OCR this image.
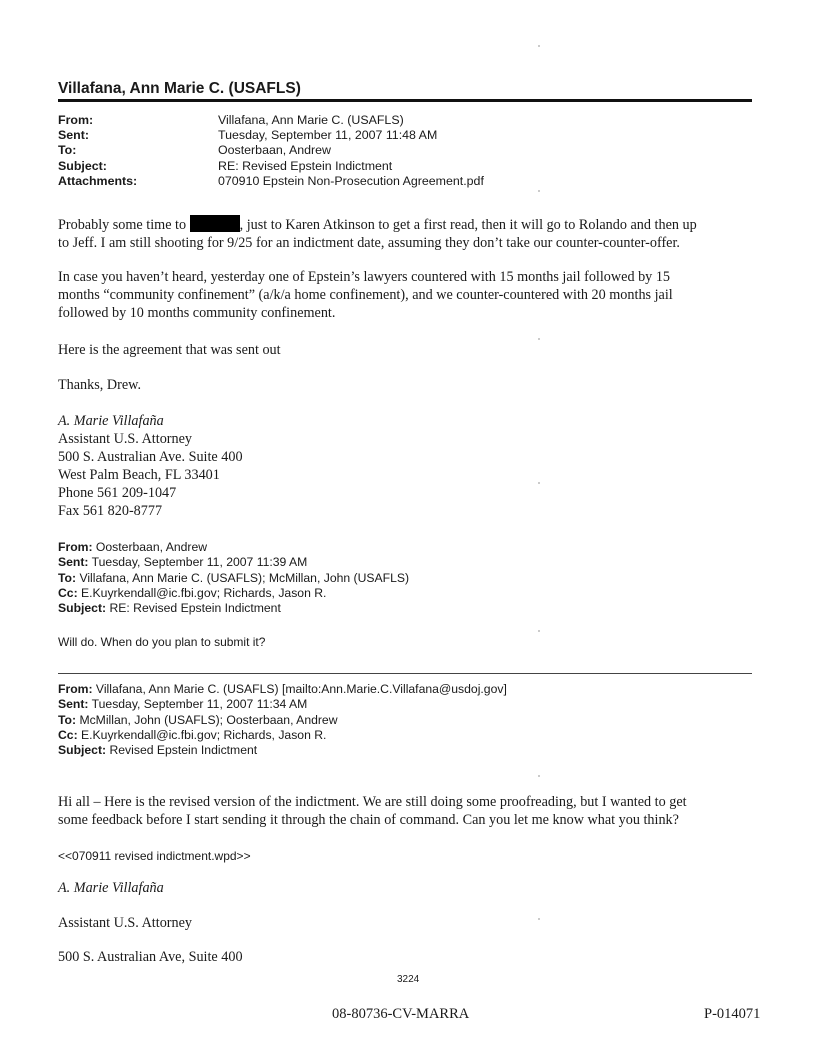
Villafana, Ann Marie C. (USAFLS)
From:	Villafana, Ann Marie C. (USAFLS)
Sent:	Tuesday, September 11, 2007 11:48 AM
To:	Oosterbaan, Andrew
Subject:	RE: Revised Epstein Indictment
Attachments:	070910 Epstein Non-Prosecution Agreement.pdf
Probably some time to	, just to Karen Atkinson to get a first read, then it will go to Rolando and then up
to Jeff. I am still shooting for 9/25 for an indictment date, assuming they don’t take our counter-counter-offer.
In case you haven’t heard, yesterday one of Epstein’s lawyers countered with 15 months jail followed by 15
months “community confinement” (a/k/a home confinement), and we counter-countered with 20 months jail
followed by 10 months community confinement.
Here is the agreement that was sent out
Thanks, Drew.
A. Marie Villafaña
Assistant U.S. Attorney
500 S. Australian Ave. Suite 400
West Palm Beach, FL 33401
Phone 561 209-1047
Fax 561 820-8777
From: Oosterbaan, Andrew
Sent: Tuesday, September 11, 2007 11:39 AM
To: Villafana, Ann Marie C. (USAFLS); McMillan, John (USAFLS)
Cc: E.Kuyrkendall@ic.fbi.gov; Richards, Jason R.
Subject: RE: Revised Epstein Indictment
Will do. When do you plan to submit it?
From: Villafana, Ann Marie C. (USAFLS) [mailto:Ann.Marie.C.Villafana@usdoj.gov]
Sent: Tuesday, September 11, 2007 11:34 AM
To: McMillan, John (USAFLS); Oosterbaan, Andrew
Cc: E.Kuyrkendall@ic.fbi.gov; Richards, Jason R.
Subject: Revised Epstein Indictment
Hi all – Here is the revised version of the indictment. We are still doing some proofreading, but I wanted to get
some feedback before I start sending it through the chain of command. Can you let me know what you think?
<<070911 revised indictment.wpd>>
A. Marie Villafaña
Assistant U.S. Attorney
500 S. Australian Ave, Suite 400
3224
08-80736-CV-MARRA	P-014071
